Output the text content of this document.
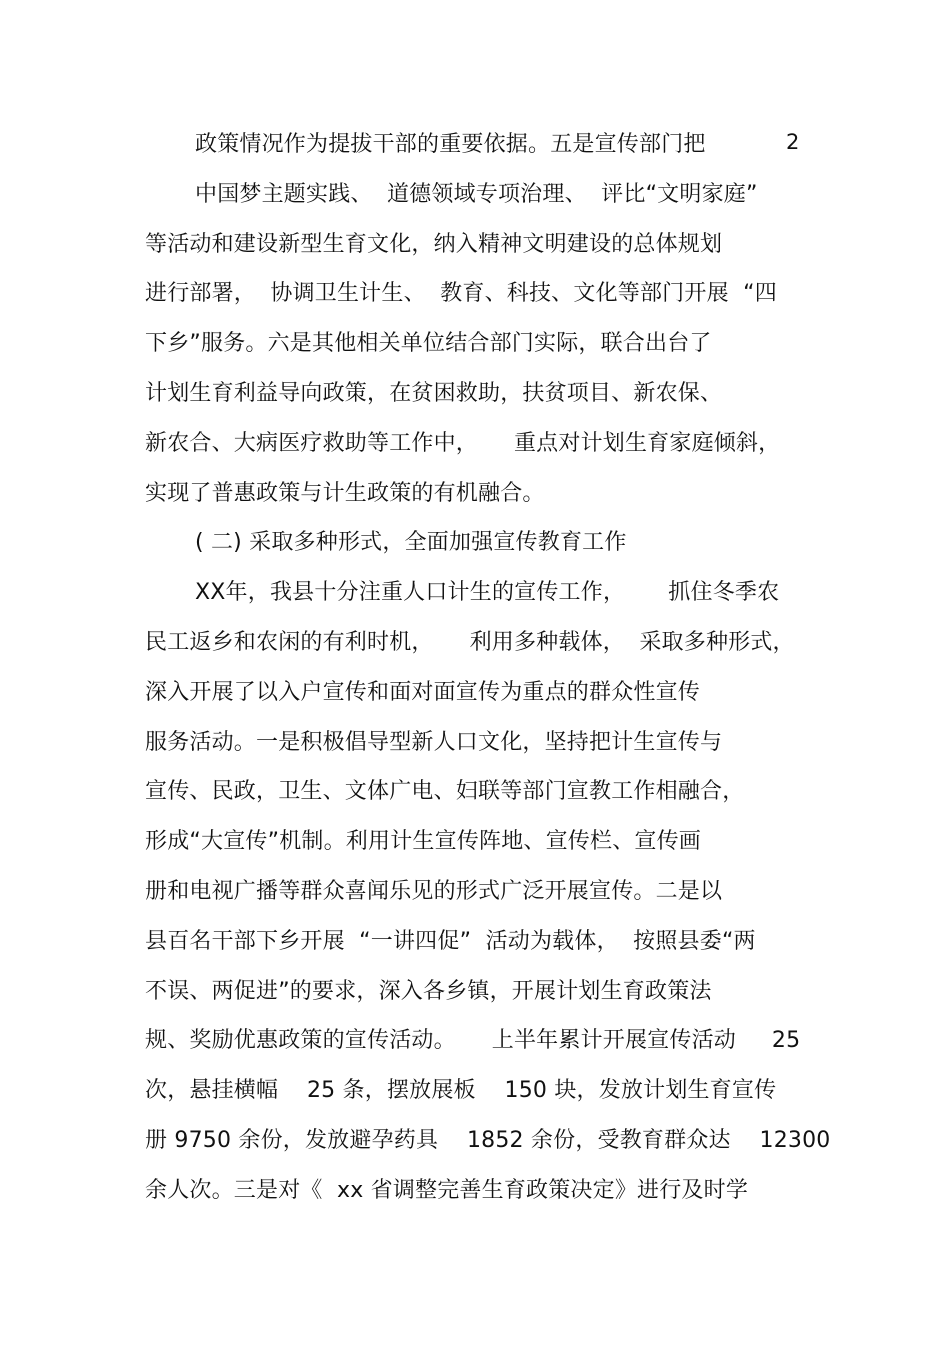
2
政策情况作为提拔干部的重要依据。五是宣传部门把
中国梦主题实践、  道德领域专项治理、  评比“文明家庭”
等活动和建设新型生育文化，纳入精神文明建设的总体规划
进行部署，  协调卫生计生、  教育、科技、文化等部门开展  “四
下乡”服务。六是其他相关单位结合部门实际，联合出台了
计划生育利益导向政策，在贫困救助，扶贫项目、新农保、
新农合、大病医疗救助等工作中，     重点对计划生育家庭倾斜，
实现了普惠政策与计生政策的有机融合。
( 二) 采取多种形式，全面加强宣传教育工作
XX年，我县十分注重人口计生的宣传工作，      抓住冬季农
民工返乡和农闲的有利时机，     利用多种载体，  采取多种形式，
深入开展了以入户宣传和面对面宣传为重点的群众性宣传
服务活动。一是积极倡导型新人口文化，坚持把计生宣传与
宣传、民政，卫生、文体广电、妇联等部门宣教工作相融合，
形成“大宣传”机制。利用计生宣传阵地、宣传栏、宣传画
册和电视广播等群众喜闻乐见的形式广泛开展宣传。二是以
县百名干部下乡开展  “一讲四促”  活动为载体，  按照县委“两
不误、两促进”的要求，深入各乡镇，开展计划生育政策法
规、奖励优惠政策的宣传活动。     上半年累计开展宣传活动     25
次，悬挂横幅    25 条，摆放展板    150 块，发放计划生育宣传
册 9750 余份，发放避孕药具    1852 余份，受教育群众达    12300
余人次。三是对《  xx 省调整完善生育政策决定》进行及时学
